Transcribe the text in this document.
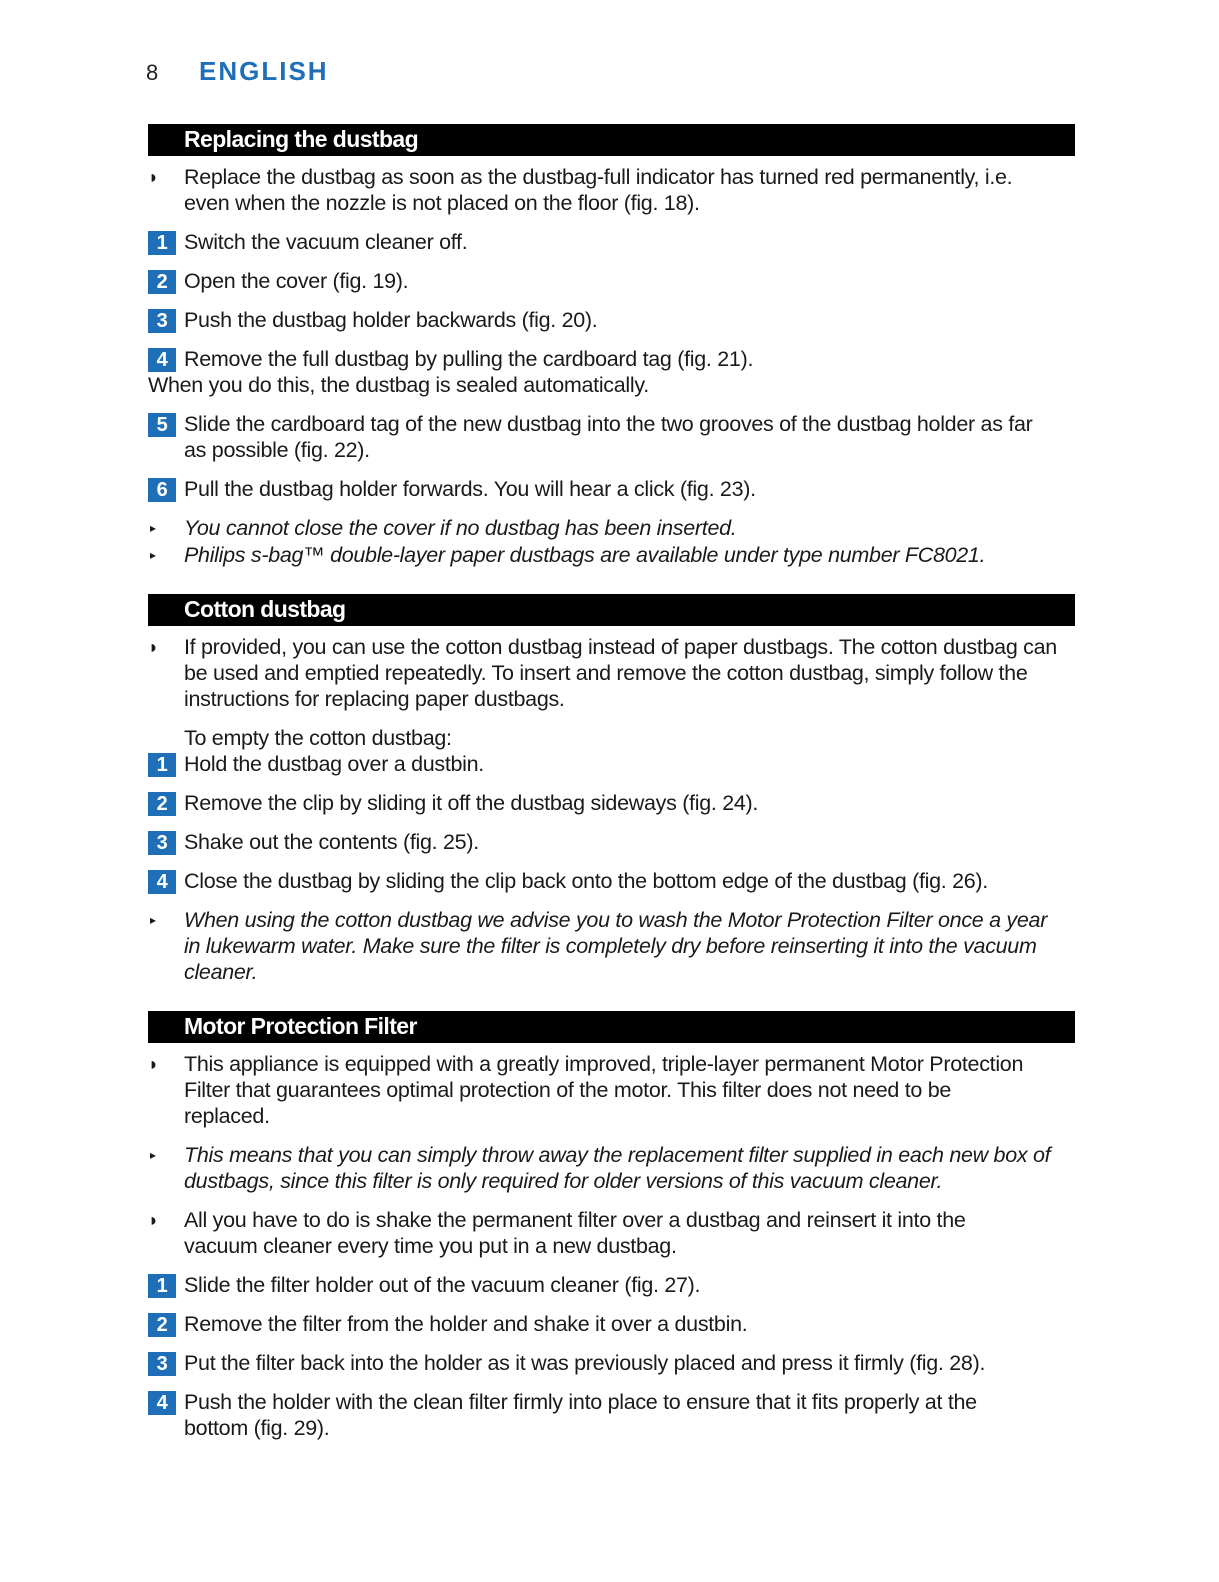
8 ENGLISH
Replacing the dustbag
◗ Replace the dustbag as soon as the dustbag-full indicator has turned red permanently, i.e.
even when the nozzle is not placed on the floor (fig. 18).
1 Switch the vacuum cleaner off.
2 Open the cover (fig. 19).
3 Push the dustbag holder backwards (fig. 20).
4 Remove the full dustbag by pulling the cardboard tag (fig. 21).
When you do this, the dustbag is sealed automatically.
5 Slide the cardboard tag of the new dustbag into the two grooves of the dustbag holder as far
as possible (fig. 22).
6 Pull the dustbag holder forwards. You will hear a click (fig. 23).
▸ You cannot close the cover if no dustbag has been inserted.
▸ Philips s-bag™ double-layer paper dustbags are available under type number FC8021.
Cotton dustbag
◗ If provided, you can use the cotton dustbag instead of paper dustbags. The cotton dustbag can
be used and emptied repeatedly. To insert and remove the cotton dustbag, simply follow the
instructions for replacing paper dustbags.
To empty the cotton dustbag:
1 Hold the dustbag over a dustbin.
2 Remove the clip by sliding it off the dustbag sideways (fig. 24).
3 Shake out the contents (fig. 25).
4 Close the dustbag by sliding the clip back onto the bottom edge of the dustbag (fig. 26).
▸ When using the cotton dustbag we advise you to wash the Motor Protection Filter once a year
in lukewarm water. Make sure the filter is completely dry before reinserting it into the vacuum
cleaner.
Motor Protection Filter
◗ This appliance is equipped with a greatly improved, triple-layer permanent Motor Protection
Filter that guarantees optimal protection of the motor. This filter does not need to be
replaced.
▸ This means that you can simply throw away the replacement filter supplied in each new box of
dustbags, since this filter is only required for older versions of this vacuum cleaner.
◗ All you have to do is shake the permanent filter over a dustbag and reinsert it into the
vacuum cleaner every time you put in a new dustbag.
1 Slide the filter holder out of the vacuum cleaner (fig. 27).
2 Remove the filter from the holder and shake it over a dustbin.
3 Put the filter back into the holder as it was previously placed and press it firmly (fig. 28).
4 Push the holder with the clean filter firmly into place to ensure that it fits properly at the
bottom (fig. 29).
